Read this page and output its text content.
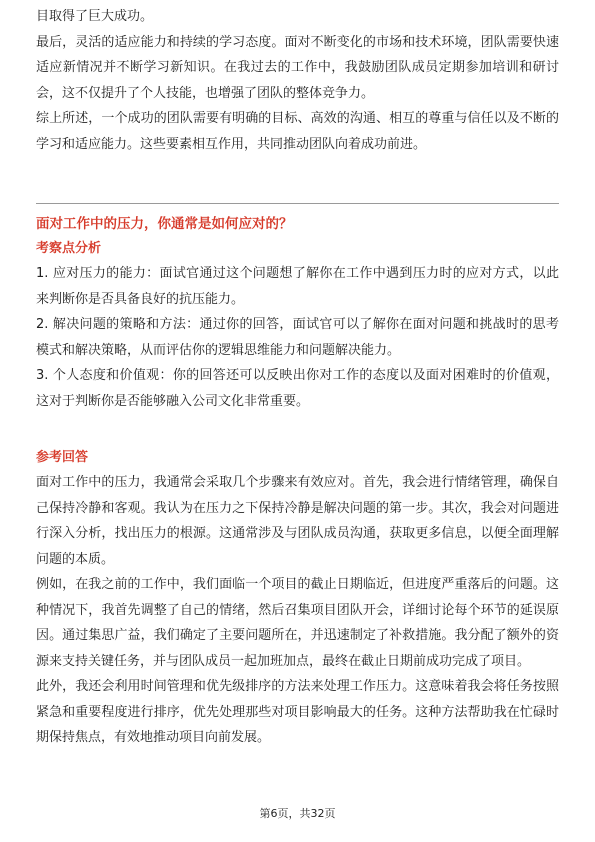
目取得了巨大成功。

最后，灵活的适应能力和持续的学习态度。面对不断变化的市场和技术环境，团队需要快速适应新情况并不断学习新知识。在我过去的工作中，我鼓励团队成员定期参加培训和研讨会，这不仅提升了个人技能，也增强了团队的整体竞争力。

综上所述，一个成功的团队需要有明确的目标、高效的沟通、相互的尊重与信任以及不断的学习和适应能力。这些要素相互作用，共同推动团队向着成功前进。

面对工作中的压力，你通常是如何应对的？

考察点分析

1. 应对压力的能力：面试官通过这个问题想了解你在工作中遇到压力时的应对方式，以此来判断你是否具备良好的抗压能力。

2. 解决问题的策略和方法：通过你的回答，面试官可以了解你在面对问题和挑战时的思考模式和解决策略，从而评估你的逻辑思维能力和问题解决能力。

3. 个人态度和价值观：你的回答还可以反映出你对工作的态度以及面对困难时的价值观，这对于判断你是否能够融入公司文化非常重要。

参考回答

面对工作中的压力，我通常会采取几个步骤来有效应对。首先，我会进行情绪管理，确保自己保持冷静和客观。我认为在压力之下保持冷静是解决问题的第一步。其次，我会对问题进行深入分析，找出压力的根源。这通常涉及与团队成员沟通，获取更多信息，以便全面理解问题的本质。

例如，在我之前的工作中，我们面临一个项目的截止日期临近，但进度严重落后的问题。这种情况下，我首先调整了自己的情绪，然后召集项目团队开会，详细讨论每个环节的延误原因。通过集思广益，我们确定了主要问题所在，并迅速制定了补救措施。我分配了额外的资源来支持关键任务，并与团队成员一起加班加点，最终在截止日期前成功完成了项目。

此外，我还会利用时间管理和优先级排序的方法来处理工作压力。这意味着我会将任务按照紧急和重要程度进行排序，优先处理那些对项目影响最大的任务。这种方法帮助我在忙碌时期保持焦点，有效地推动项目向前发展。

第6页，共32页
